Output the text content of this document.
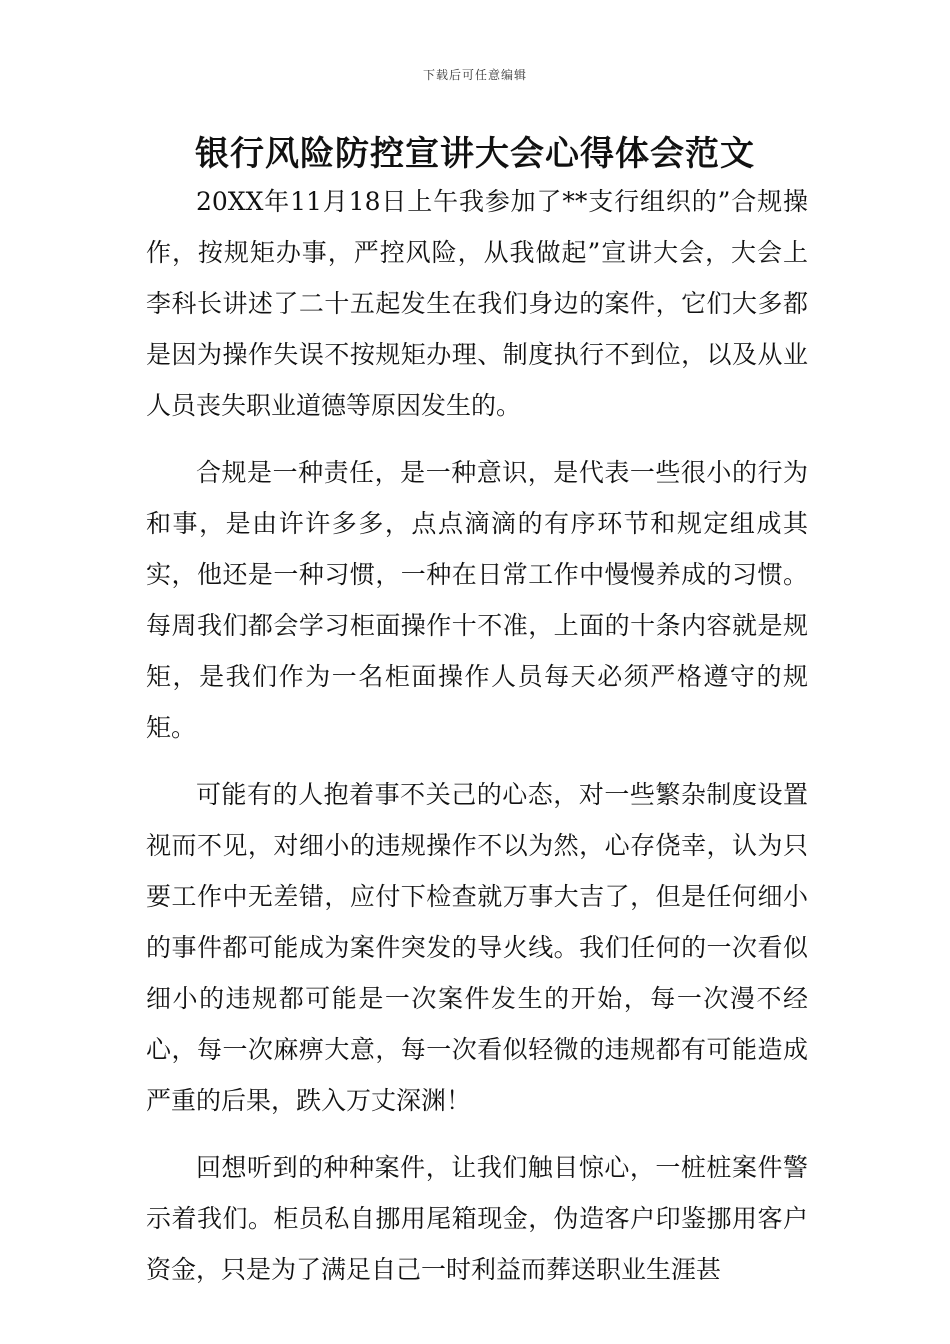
下载后可任意编辑
银行风险防控宣讲大会心得体会范文

20XX年11月18日上午我参加了**支行组织的”合规操作，按规矩办事，严控风险，从我做起”宣讲大会，大会上李科长讲述了二十五起发生在我们身边的案件，它们大多都是因为操作失误不按规矩办理、制度执行不到位，以及从业人员丧失职业道德等原因发生的。

合规是一种责任，是一种意识，是代表一些很小的行为和事，是由许许多多，点点滴滴的有序环节和规定组成其实，他还是一种习惯，一种在日常工作中慢慢养成的习惯。每周我们都会学习柜面操作十不准，上面的十条内容就是规矩，是我们作为一名柜面操作人员每天必须严格遵守的规矩。

可能有的人抱着事不关己的心态，对一些繁杂制度设置视而不见，对细小的违规操作不以为然，心存侥幸，认为只要工作中无差错，应付下检查就万事大吉了，但是任何细小的事件都可能成为案件突发的导火线。我们任何的一次看似细小的违规都可能是一次案件发生的开始，每一次漫不经心，每一次麻痹大意，每一次看似轻微的违规都有可能造成严重的后果，跌入万丈深渊！

回想听到的种种案件，让我们触目惊心，一桩桩案件警示着我们。柜员私自挪用尾箱现金，伪造客户印鉴挪用客户资金，只是为了满足自己一时利益而葬送职业生涯甚
